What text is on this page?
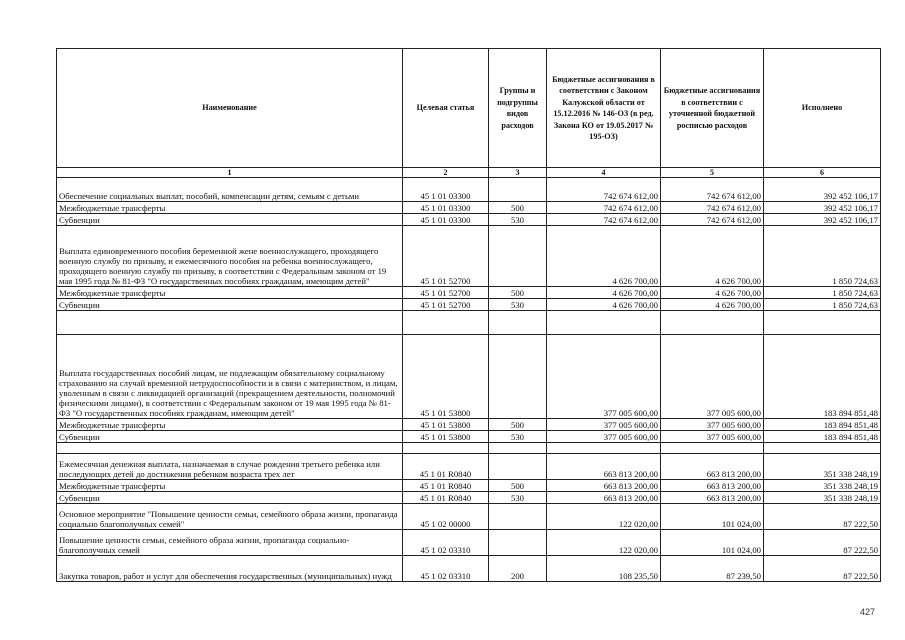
Наименование	Целевая статья	Группы и подгруппы видов расходов	Бюджетные ассигнования в соответствии с Законом Калужской области от 15.12.2016 № 146-ОЗ (в ред. Закона КО от 19.05.2017 № 195-ОЗ)	Бюджетные ассигнования в соответствии с уточненной бюджетной росписью расходов	Исполнено
1	2	3	4	5	6
Обеспечение социальных выплат, пособий, компенсации детям, семьям с детьми	45 1 01 03300		742 674 612,00	742 674 612,00	392 452 106,17
Межбюджетные трансферты	45 1 01 03300	500	742 674 612,00	742 674 612,00	392 452 106,17
Субвенции	45 1 01 03300	530	742 674 612,00	742 674 612,00	392 452 106,17
Выплата единовременного пособия беременной жене военнослужащего, проходящего военную службу по призыву, и ежемесячного пособия на ребенка военнослужащего, проходящего военную службу по призыву, в соответствии с Федеральным законом от 19 мая 1995 года № 81-ФЗ "О государственных пособиях гражданам, имеющим детей"	45 1 01 52700		4 626 700,00	4 626 700,00	1 850 724,63
Межбюджетные трансферты	45 1 01 52700	500	4 626 700,00	4 626 700,00	1 850 724,63
Субвенции	45 1 01 52700	530	4 626 700,00	4 626 700,00	1 850 724,63

Выплата государственных пособий лицам, не подлежащим обязательному социальному страхованию на случай временной нетрудоспособности и в связи с материнством, и лицам, уволенным в связи с ликвидацией организаций (прекращением деятельности, полномочий физическими лицами), в соответствии с Федеральным законом от 19 мая 1995 года № 81-ФЗ "О государственных пособиях гражданам, имеющим детей"	45 1 01 53800		377 005 600,00	377 005 600,00	183 894 851,48
Межбюджетные трансферты	45 1 01 53800	500	377 005 600,00	377 005 600,00	183 894 851,48
Субвенции	45 1 01 53800	530	377 005 600,00	377 005 600,00	183 894 851,48

Ежемесячная денежная выплата, назначаемая в случае рождения третьего ребенка или последующих детей до достижения ребенком возраста трех лет	45 1 01 R0840		663 813 200,00	663 813 200,00	351 338 248,19
Межбюджетные трансферты	45 1 01 R0840	500	663 813 200,00	663 813 200,00	351 338 248,19
Субвенции	45 1 01 R0840	530	663 813 200,00	663 813 200,00	351 338 248,19
Основное мероприятие "Повышение ценности семьи, семейного образа жизни, пропаганда социально благополучных семей"	45 1 02 00000		122 020,00	101 024,00	87 222,50
Повышение ценности семьи, семейного образа жизни, пропаганда социально-благополучных семей	45 1 02 03310		122 020,00	101 024,00	87 222,50
Закупка товаров, работ и услуг для обеспечения государственных (муниципальных) нужд	45 1 02 03310	200	108 235,50	87 239,50	87 222,50
427
